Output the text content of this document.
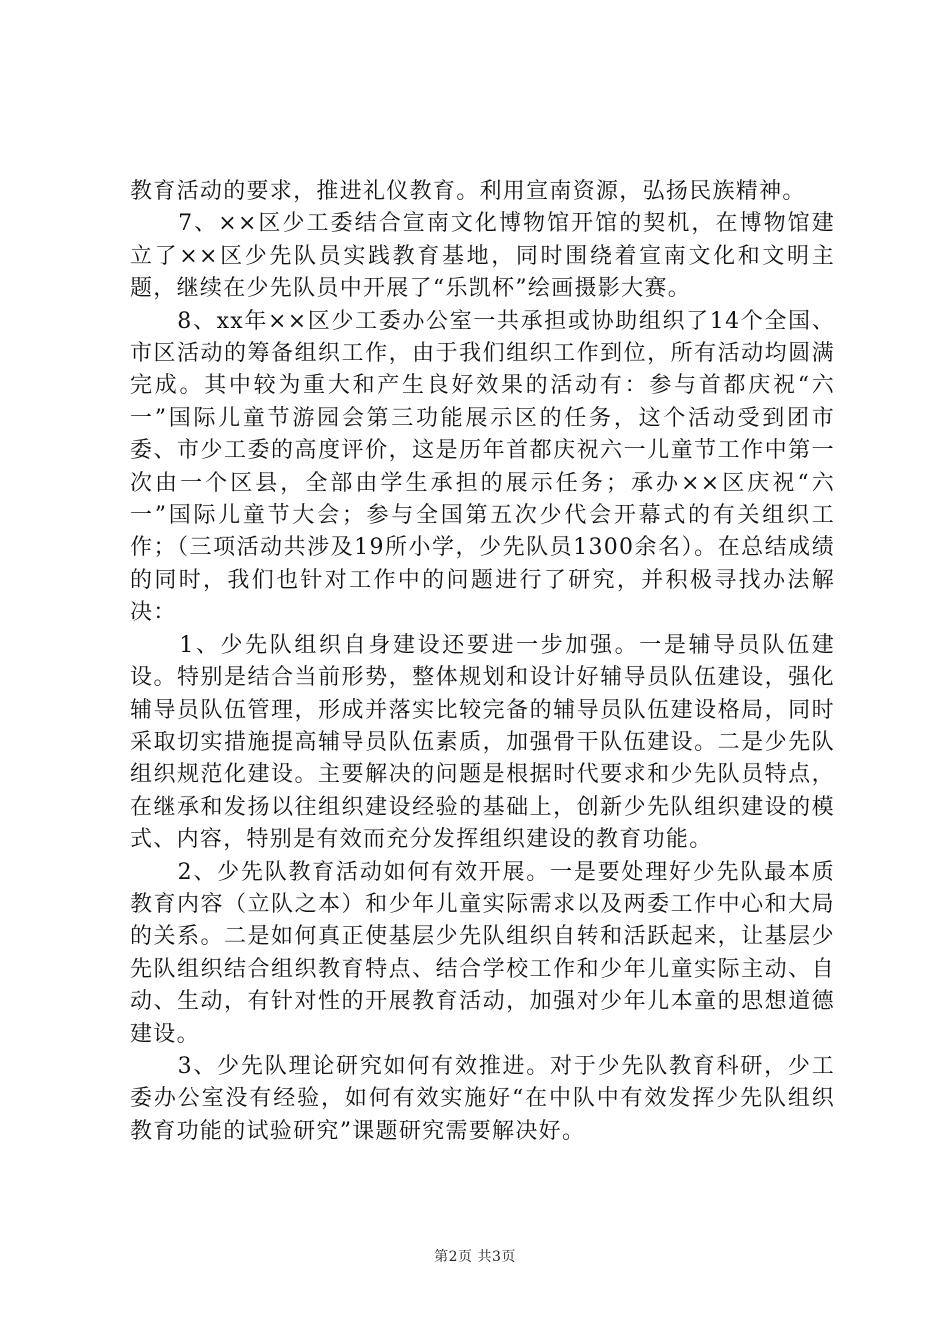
教育活动的要求，推进礼仪教育。利用宣南资源，弘扬民族精神。

　　7、××区少工委结合宣南文化博物馆开馆的契机，在博物馆建立了××区少先队员实践教育基地，同时围绕着宣南文化和文明主题，继续在少先队员中开展了“乐凯杯”绘画摄影大赛。

　　8、xx年××区少工委办公室一共承担或协助组织了14个全国、市区活动的筹备组织工作，由于我们组织工作到位，所有活动均圆满完成。其中较为重大和产生良好效果的活动有：参与首都庆祝“六一”国际儿童节游园会第三功能展示区的任务，这个活动受到团市委、市少工委的高度评价，这是历年首都庆祝六一儿童节工作中第一次由一个区县，全部由学生承担的展示任务；承办××区庆祝“六一”国际儿童节大会；参与全国第五次少代会开幕式的有关组织工作；（三项活动共涉及19所小学，少先队员1300余名）。在总结成绩的同时，我们也针对工作中的问题进行了研究，并积极寻找办法解决：

　　1、少先队组织自身建设还要进一步加强。一是辅导员队伍建设。特别是结合当前形势，整体规划和设计好辅导员队伍建设，强化辅导员队伍管理，形成并落实比较完备的辅导员队伍建设格局，同时采取切实措施提高辅导员队伍素质，加强骨干队伍建设。二是少先队组织规范化建设。主要解决的问题是根据时代要求和少先队员特点，在继承和发扬以往组织建设经验的基础上，创新少先队组织建设的模式、内容，特别是有效而充分发挥组织建设的教育功能。

　　2、少先队教育活动如何有效开展。一是要处理好少先队最本质教育内容（立队之本）和少年儿童实际需求以及两委工作中心和大局的关系。二是如何真正使基层少先队组织自转和活跃起来，让基层少先队组织结合组织教育特点、结合学校工作和少年儿童实际主动、自动、生动，有针对性的开展教育活动，加强对少年儿本童的思想道德建设。

　　3、少先队理论研究如何有效推进。对于少先队教育科研，少工委办公室没有经验，如何有效实施好“在中队中有效发挥少先队组织教育功能的试验研究”课题研究需要解决好。

第2页 共3页
